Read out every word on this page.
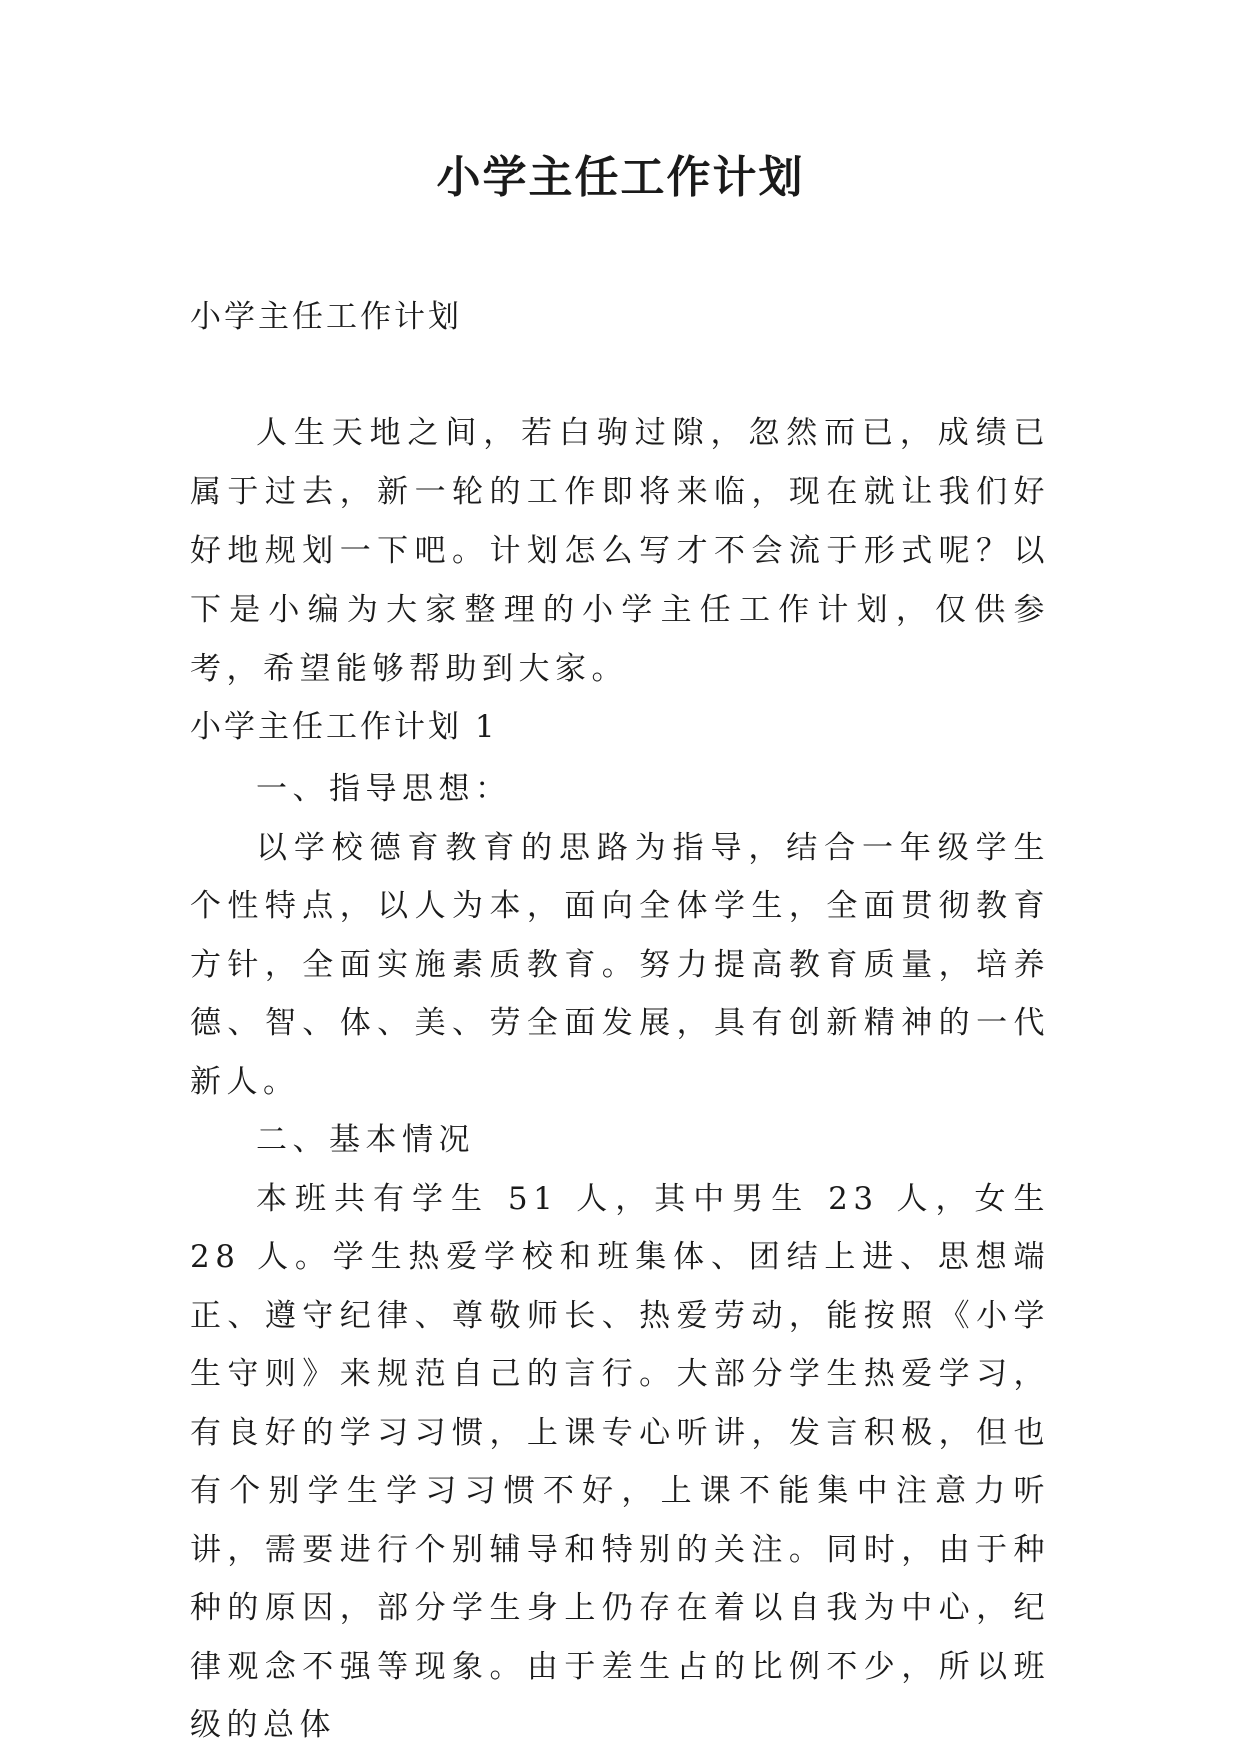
小学主任工作计划

小学主任工作计划

人生天地之间，若白驹过隙，忽然而已，成绩已属于过去，新一轮的工作即将来临，现在就让我们好好地规划一下吧。计划怎么写才不会流于形式呢？以下是小编为大家整理的小学主任工作计划，仅供参考，希望能够帮助到大家。

小学主任工作计划 1

一、指导思想：

以学校德育教育的思路为指导，结合一年级学生个性特点，以人为本，面向全体学生，全面贯彻教育方针，全面实施素质教育。努力提高教育质量，培养德、智、体、美、劳全面发展，具有创新精神的一代新人。

二、基本情况

本班共有学生 51 人，其中男生 23 人，女生 28 人。学生热爱学校和班集体、团结上进、思想端正、遵守纪律、尊敬师长、热爱劳动，能按照《小学生守则》来规范自己的言行。大部分学生热爱学习，有良好的学习习惯，上课专心听讲，发言积极，但也有个别学生学习习惯不好，上课不能集中注意力听讲，需要进行个别辅导和特别的关注。同时，由于种种的原因，部分学生身上仍存在着以自我为中心，纪律观念不强等现象。由于差生占的比例不少，所以班级的总体
